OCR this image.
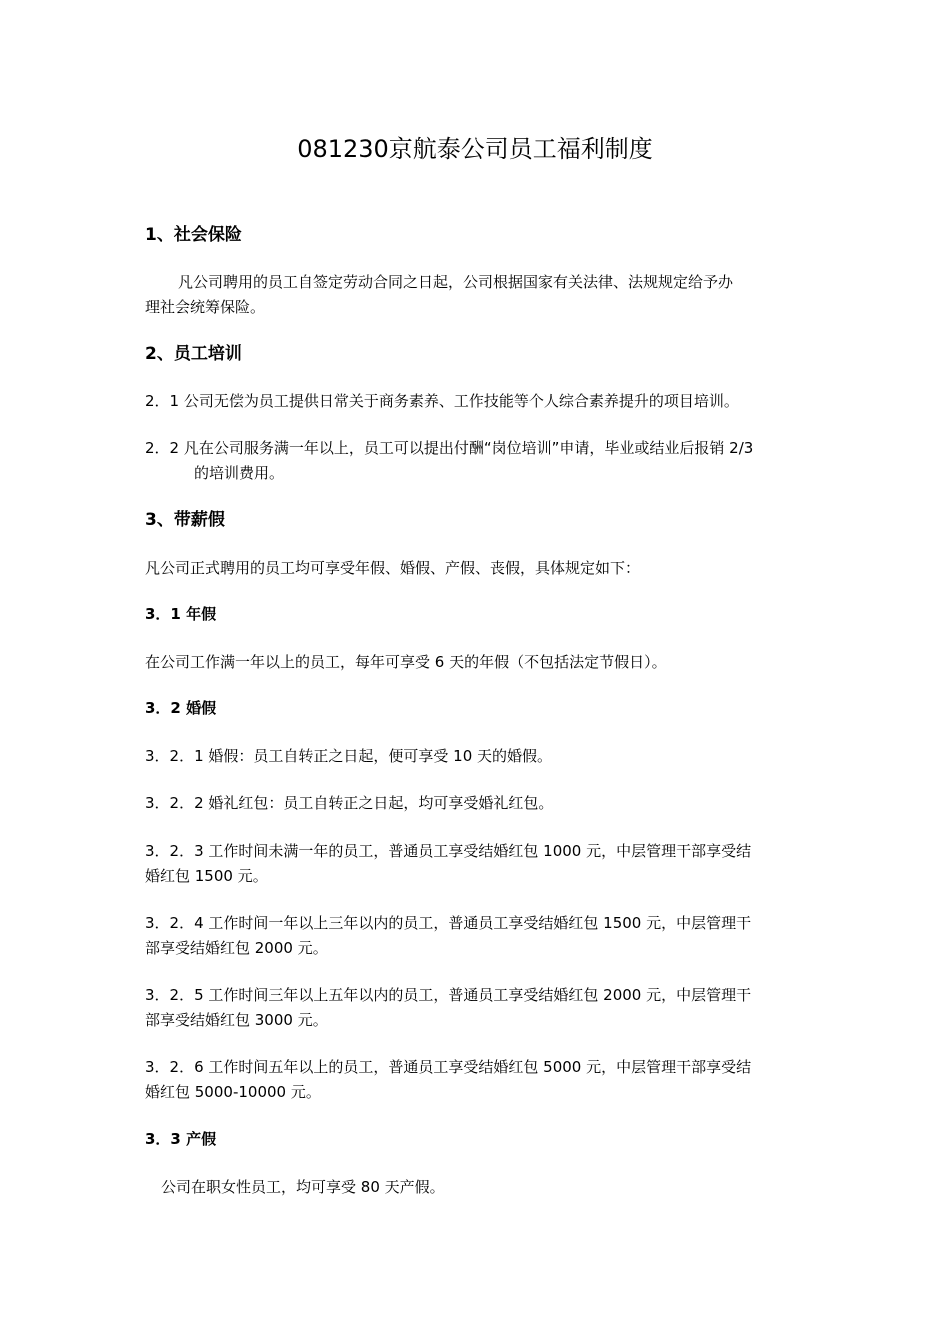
081230京航泰公司员工福利制度
1、社会保险
凡公司聘用的员工自签定劳动合同之日起，公司根据国家有关法律、法规规定给予办
理社会统筹保险。
2、员工培训
2．1 公司无偿为员工提供日常关于商务素养、工作技能等个人综合素养提升的项目培训。
2．2 凡在公司服务满一年以上，员工可以提出付酬“岗位培训”申请，毕业或结业后报销 2/3
的培训费用。
3、带薪假
凡公司正式聘用的员工均可享受年假、婚假、产假、丧假，具体规定如下：
3．1 年假
在公司工作满一年以上的员工，每年可享受 6 天的年假（不包括法定节假日）。
3．2 婚假
3．2．1 婚假：员工自转正之日起，便可享受 10 天的婚假。
3．2．2 婚礼红包：员工自转正之日起，均可享受婚礼红包。
3．2．3 工作时间未满一年的员工，普通员工享受结婚红包 1000 元，中层管理干部享受结
婚红包 1500 元。
3．2．4 工作时间一年以上三年以内的员工，普通员工享受结婚红包 1500 元，中层管理干
部享受结婚红包 2000 元。
3．2．5 工作时间三年以上五年以内的员工，普通员工享受结婚红包 2000 元，中层管理干
部享受结婚红包 3000 元。
3．2．6 工作时间五年以上的员工，普通员工享受结婚红包 5000 元，中层管理干部享受结
婚红包 5000-10000 元。
3．3 产假
公司在职女性员工，均可享受 80 天产假。
